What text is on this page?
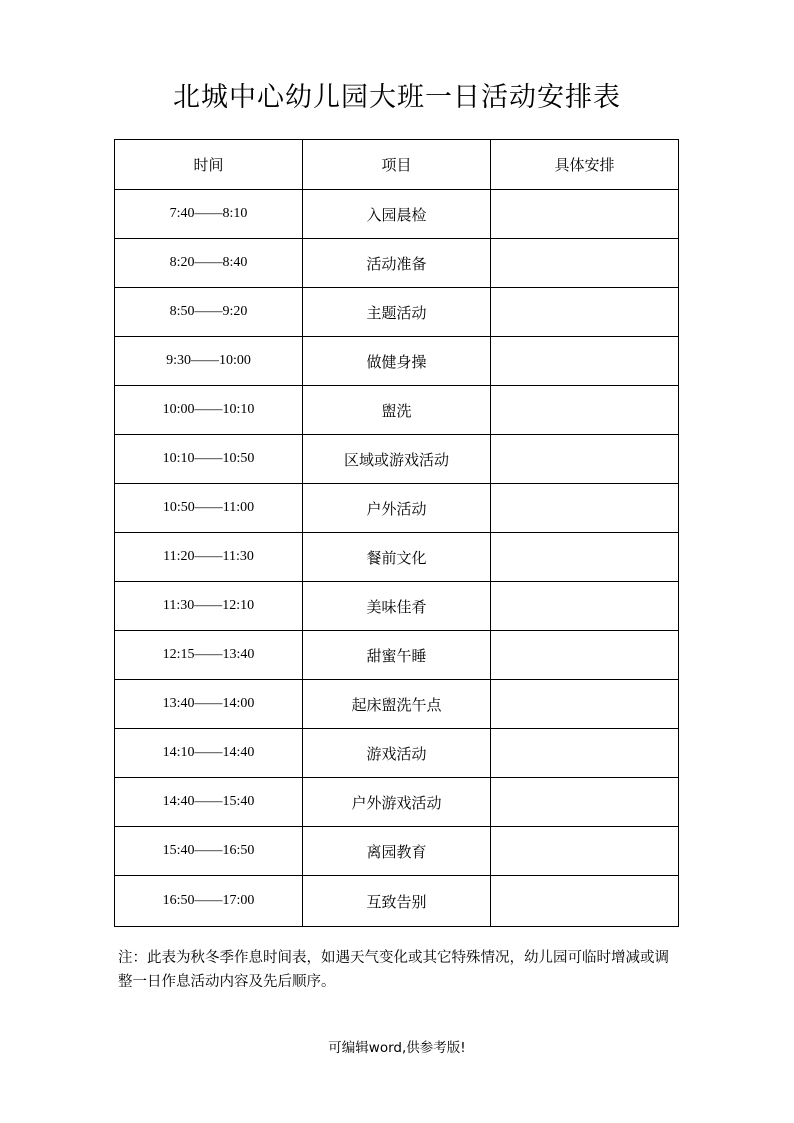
北城中心幼儿园大班一日活动安排表
时间	项目	具体安排
7:40——8:10	入园晨检	
8:20——8:40	活动准备	
8:50——9:20	主题活动	
9:30——10:00	做健身操	
10:00——10:10	盥洗	
10:10——10:50	区域或游戏活动	
10:50——11:00	户外活动	
11:20——11:30	餐前文化	
11:30——12:10	美味佳肴	
12:15——13:40	甜蜜午睡	
13:40——14:00	起床盥洗午点	
14:10——14:40	游戏活动	
14:40——15:40	户外游戏活动	
15:40——16:50	离园教育	
16:50——17:00	互致告别	
注：此表为秋冬季作息时间表，如遇天气变化或其它特殊情况，幼儿园可临时增减或调整一日作息活动内容及先后顺序。
可编辑word,供参考版!
